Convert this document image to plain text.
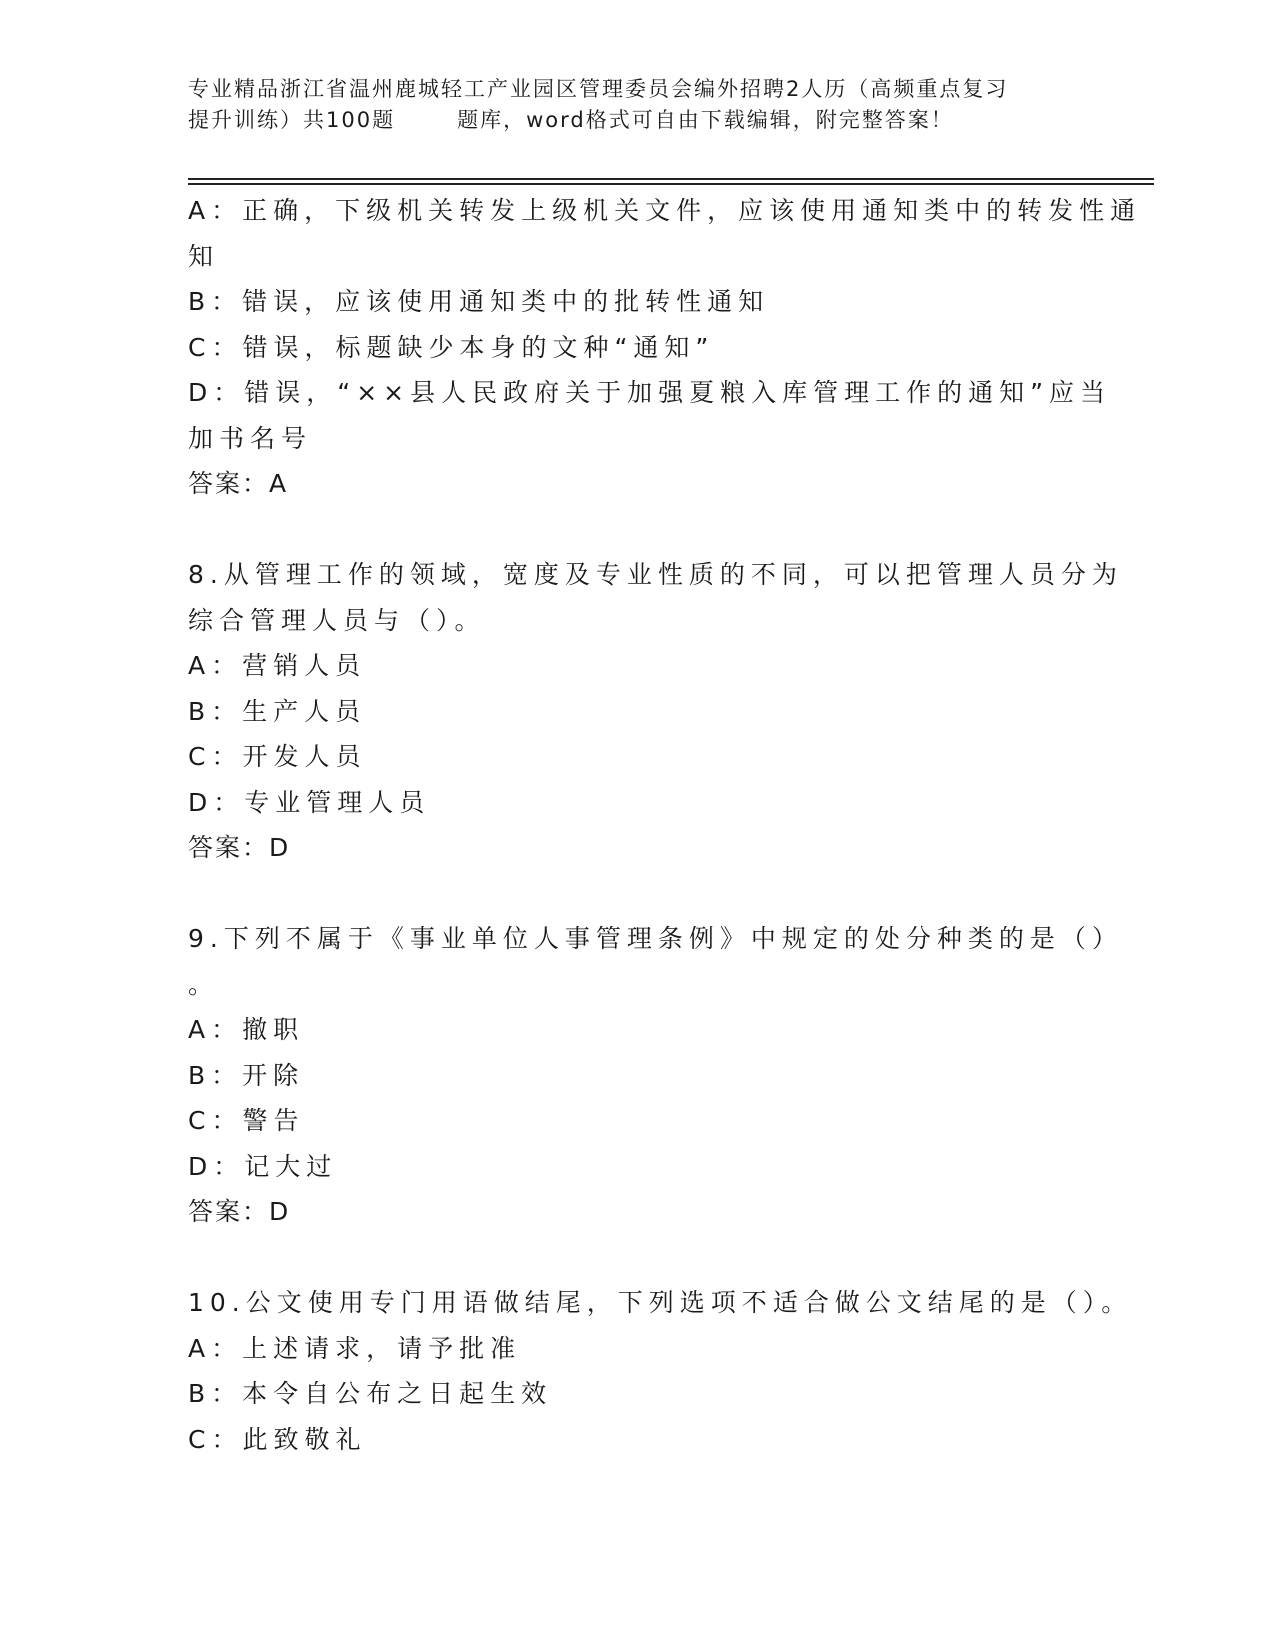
专业精品浙江省温州鹿城轻工产业园区管理委员会编外招聘2人历（高频重点复习
提升训练）共100题	题库，word格式可自由下载编辑，附完整答案！
A：正确，下级机关转发上级机关文件，应该使用通知类中的转发性通
知
B：错误，应该使用通知类中的批转性通知
C：错误，标题缺少本身的文种“通知”
D：错误，“××县人民政府关于加强夏粮入库管理工作的通知”应当
加书名号
答案：A
8.从管理工作的领域，宽度及专业性质的不同，可以把管理人员分为
综合管理人员与（）。
A：营销人员
B：生产人员
C：开发人员
D：专业管理人员
答案：D
9.下列不属于《事业单位人事管理条例》中规定的处分种类的是（）
。
A：撤职
B：开除
C：警告
D：记大过
答案：D
10.公文使用专门用语做结尾，下列选项不适合做公文结尾的是（）。
A：上述请求，请予批准
B：本令自公布之日起生效
C：此致敬礼
